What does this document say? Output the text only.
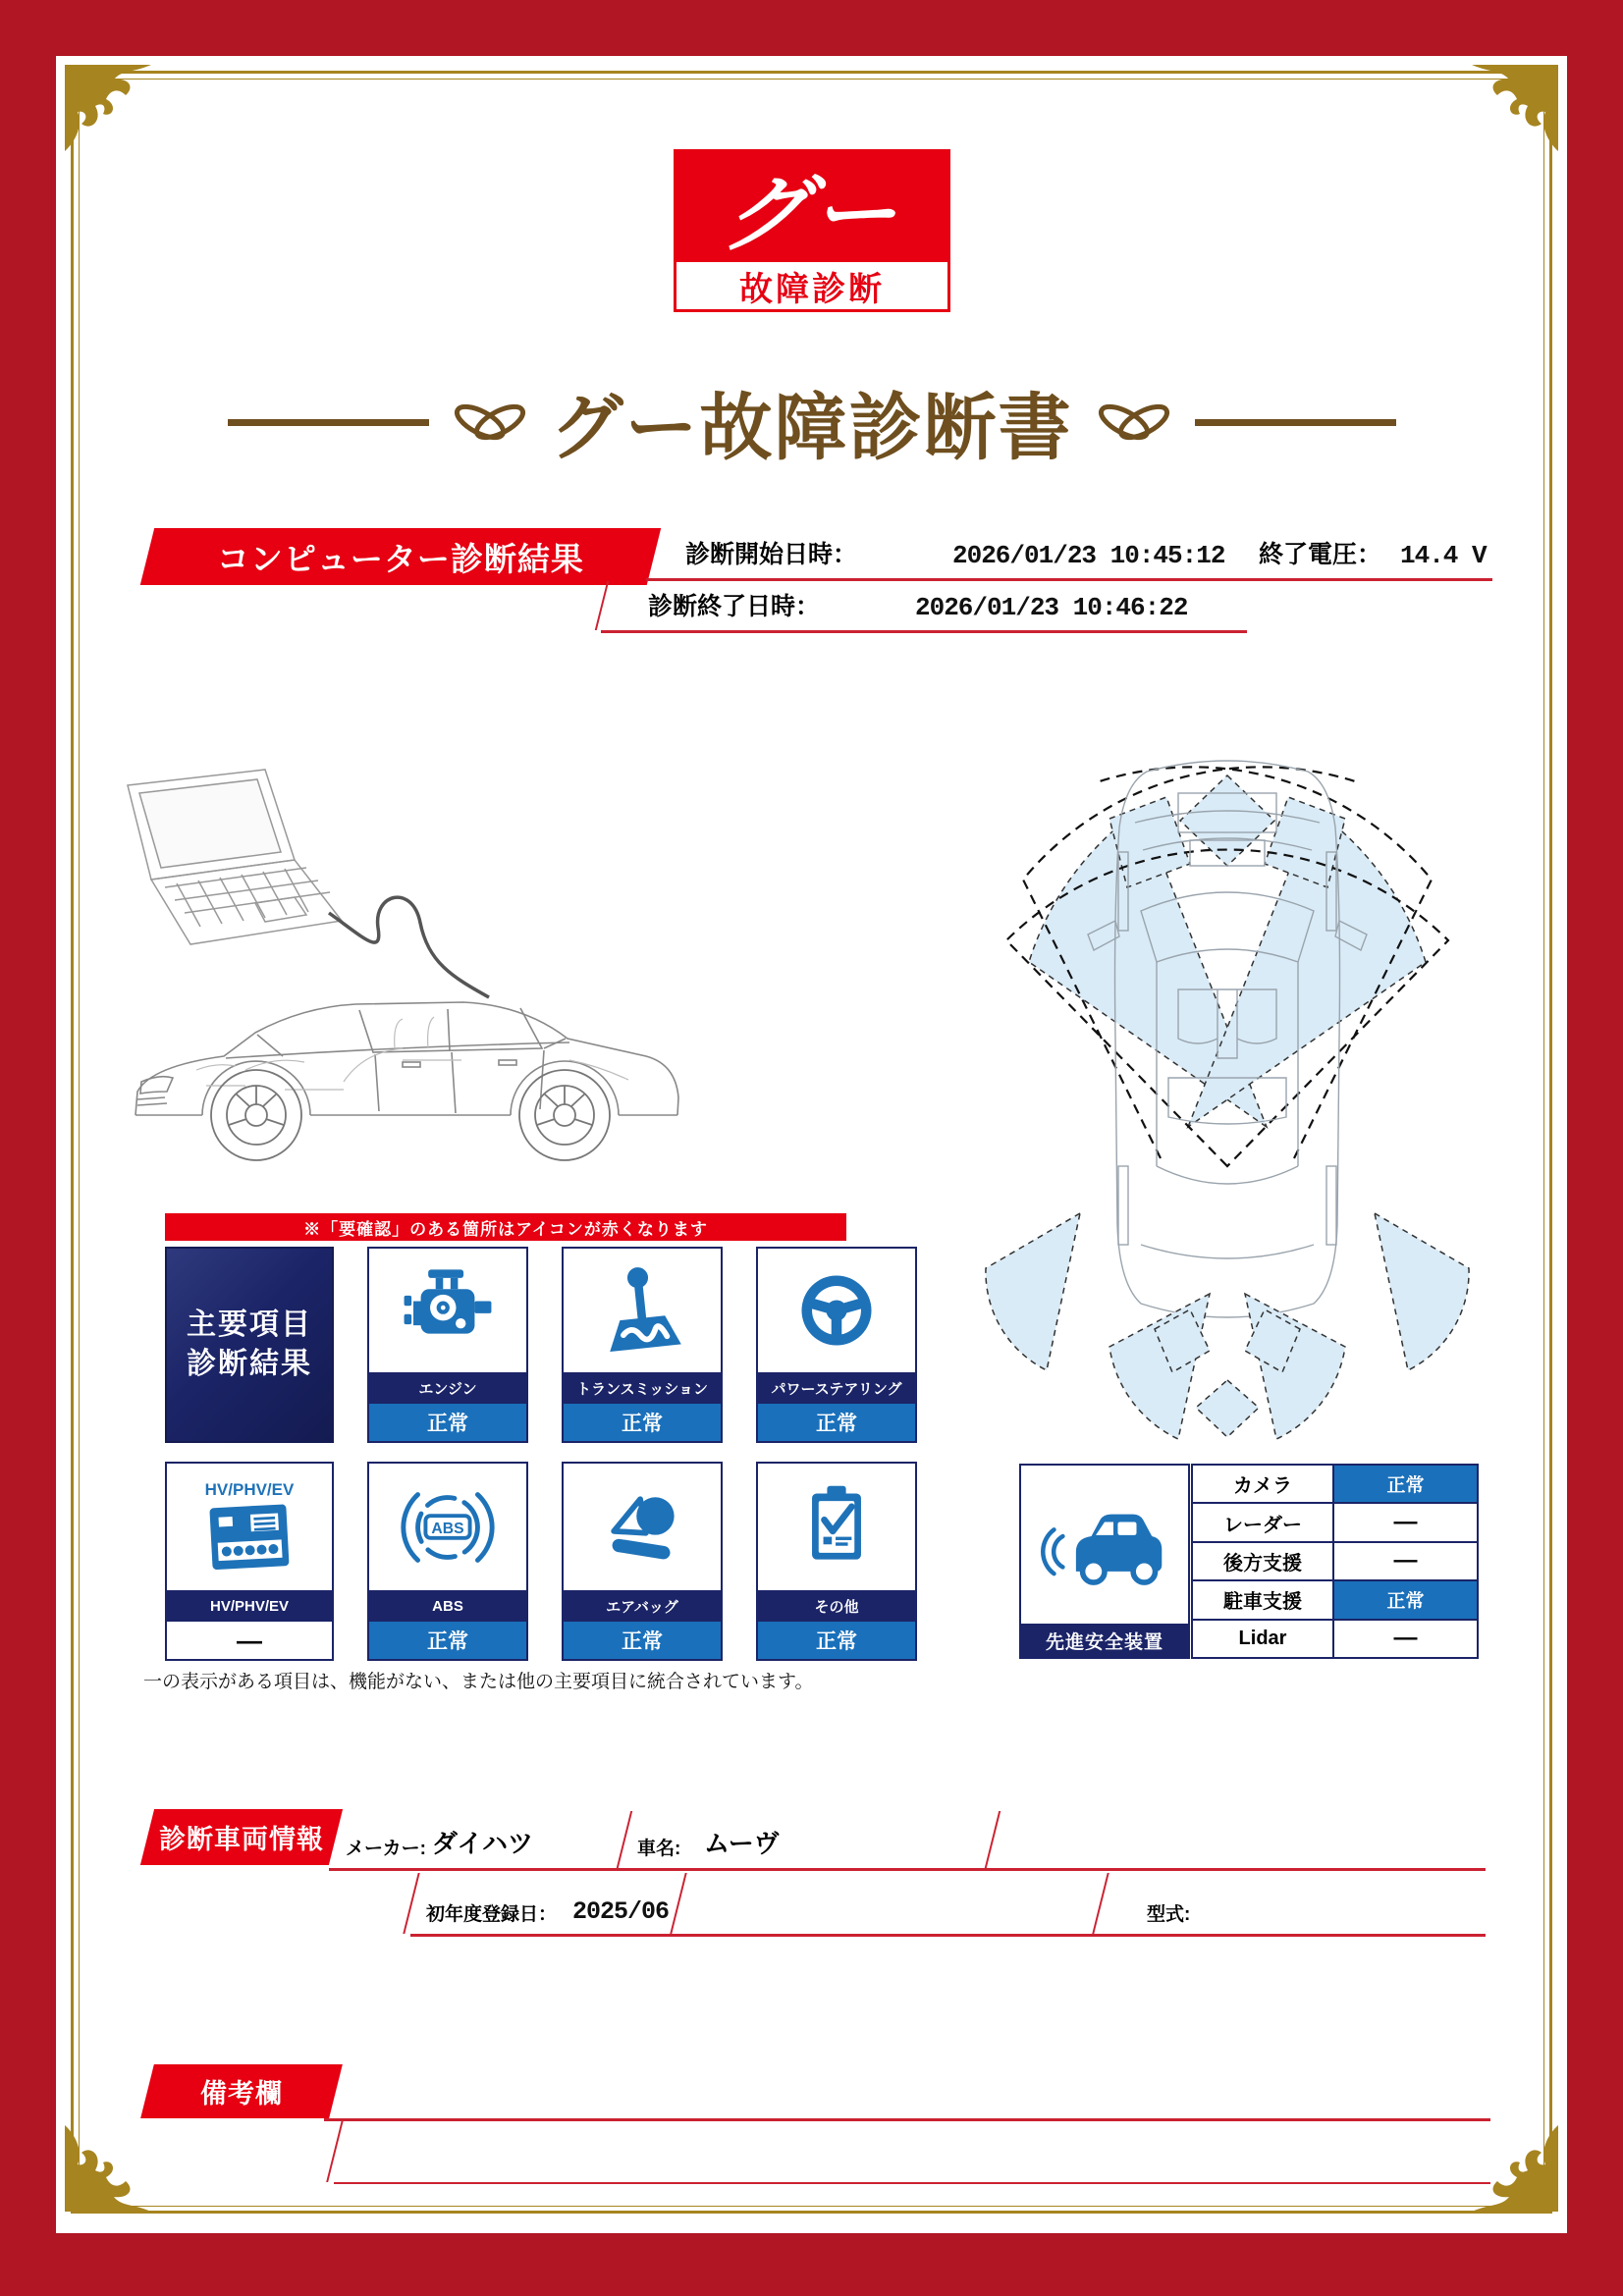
グー
故障診断
グー故障診断書
コンピューター診断結果	診断開始日時：	2026/01/23 10:45:12 終了電圧： 14.4 V
診断終了日時：	2026/01/23 10:46:22
※「要確認」のある箇所はアイコンが赤くなります
主要項目
診断結果
エンジン
正常
トランスミッション
正常
パワーステアリング
正常
HV/PHV/EV
HV/PHV/EV
—
ABS
ABS
正常
エアバッグ
正常
その他
正常
一の表示がある項目は、機能がない、または他の主要項目に統合されています。
先進安全装置
カメラ	正常
レーダー	—
後方支援	—
駐車支援	正常
Lidar	—
診断車両情報 メーカー: ダイハツ	車名: ムーヴ
初年度登録日： 2025/06	型式:
備考欄
